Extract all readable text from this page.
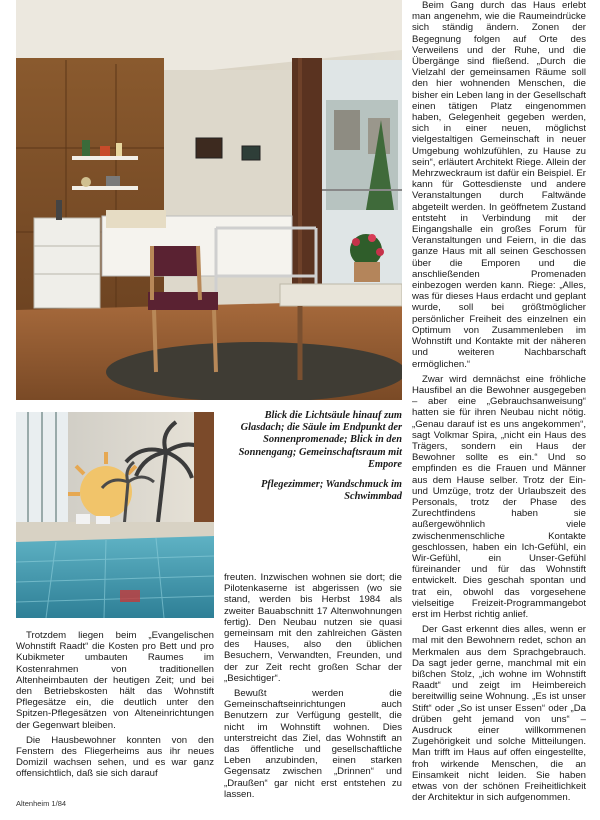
Beim Gang durch das Haus erlebt man angenehm, wie die Raumeindrücke sich ständig ändern. Zonen der Begegnung folgen auf Orte des Verweilens und der Ruhe, und die Übergänge sind fließend. „Durch die Vielzahl der gemeinsamen Räume soll den hier wohnenden Menschen, die bisher ein Leben lang in der Gesellschaft einen tätigen Platz eingenommen haben, Gelegenheit gegeben werden, sich in einer neuen, möglichst vielgestaltigen Gemeinschaft in neuer Umgebung wohlzufühlen, zu Hause zu sein“, erläutert Architekt Riege. Allein der Mehrzweckraum ist dafür ein Beispiel. Er kann für Gottesdienste und andere Veranstaltungen durch Faltwände abgeteilt werden. In geöffnetem Zustand entsteht in Verbindung mit der Eingangshalle ein großes Forum für Veranstaltungen und Feiern, in die das ganze Haus mit all seinen Geschossen über die Emporen und die anschließenden Promenaden einbezogen werden kann. Riege: „Alles, was für dieses Haus erdacht und geplant wurde, soll bei größtmöglicher persönlicher Freiheit des einzelnen ein Optimum von Zusammenleben im Wohnstift und Kontakte mit der näheren und weiteren Nachbarschaft ermöglichen.“

Zwar wird demnächst eine fröhliche Hausfibel an die Bewohner ausgegeben – aber eine „Gebrauchsanweisung“ hatten sie für ihren Neubau nicht nötig. „Genau darauf ist es uns angekommen“, sagt Volkmar Spira, „nicht ein Haus des Trägers, sondern ein Haus der Bewohner sollte es ein.“ Und so empfinden es die Frauen und Männer aus dem Hause selber. Trotz der Ein- und Umzüge, trotz der Urlaubszeit des Personals, trotz der Phase des Zurechtfindens haben sie außergewöhnlich viele zwischenmenschliche Kontakte geschlossen, haben ein Ich-Gefühl, ein Wir-Gefühl, ein Unser-Gefühl füreinander und für das Wohnstift entwickelt. Dies geschah spontan und trat ein, obwohl das vorgesehene vielseitige Freizeit-Programmangebot erst im Herbst richtig anlief.

Der Gast erkennt dies alles, wenn er mal mit den Bewohnern redet, schon an Merkmalen aus dem Sprachgebrauch. Da sagt jeder gerne, manchmal mit ein bißchen Stolz, „ich wohne im Wohnstift Raadt“ und zeigt im Heimbereich bereitwillig seine Wohnung. „Es ist unser Stift“ oder „So ist unser Essen“ oder „Da drüben geht jemand von uns“ – Ausdruck einer willkommenen Zugehörigkeit und solche Mitteilungen. Man trifft im Haus auf offen eingestellte, froh wirkende Menschen, die an Einsamkeit nicht leiden. Sie haben etwas von der schönen Freiheitlichkeit der Architektur in sich aufgenommen.

Blick die Lichtsäule hinauf zum Glasdach; die Säule im Endpunkt der Sonnenpromenade; Blick in den Sonnengang; Gemeinschaftsraum mit Empore

Pflegezimmer; Wandschmuck im Schwimmbad

Trotzdem liegen beim „Evangelischen Wohnstift Raadt“ die Kosten pro Bett und pro Kubikmeter umbauten Raumes im Kostenrahmen von traditionellen Altenheimbauten der heutigen Zeit; und bei den Betriebskosten hält das Wohnstift Pflegesätze ein, die deutlich unter den Spitzen-Pflegesätzen von Alteneinrichtungen der Gegenwart bleiben.

Die Hausbewohner konnten von den Fenstern des Fliegerheims aus ihr neues Domizil wachsen sehen, und es war ganz offensichtlich, daß sie sich darauf

freuten. Inzwischen wohnen sie dort; die Pilotenkaserne ist abgerissen (wo sie stand, werden bis Herbst 1984 als zweiter Bauabschnitt 17 Altenwohnungen fertig). Den Neubau nutzen sie quasi gemeinsam mit den zahlreichen Gästen des Hauses, also den üblichen Besuchern, Verwandten, Freunden, und der zur Zeit recht großen Schar der „Besichtiger“.

Bewußt werden die Gemeinschaftseinrichtungen auch Benutzern zur Verfügung gestellt, die nicht im Wohnstift wohnen. Dies unterstreicht das Ziel, das Wohnstift an das öffentliche und gesellschaftliche Leben anzubinden, einen starken Gegensatz zwischen „Drinnen“ und „Draußen“ gar nicht erst entstehen zu lassen.

Altenheim 1/84
